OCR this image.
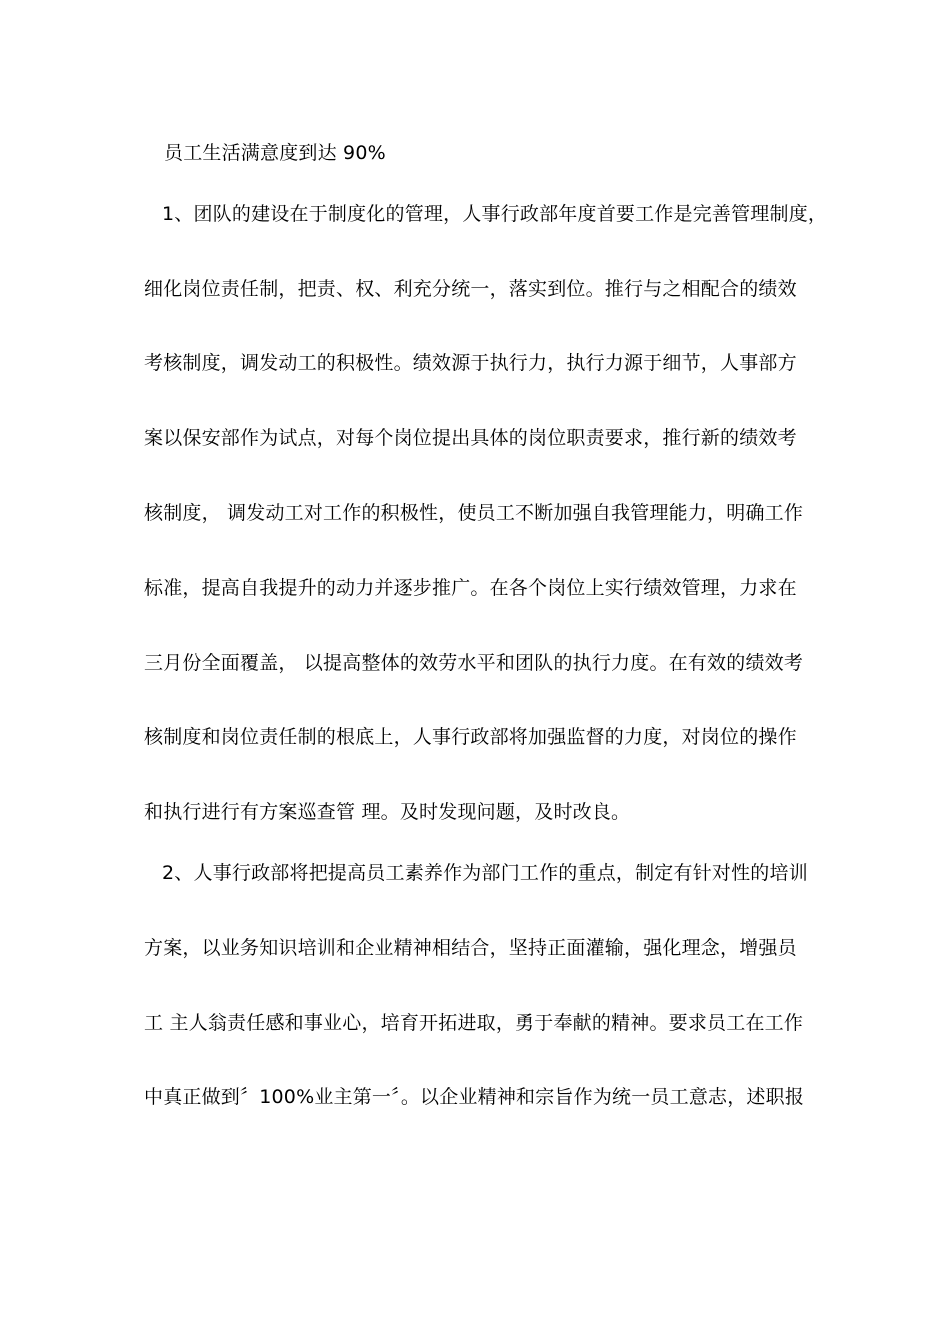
员工生活满意度到达 90%
1、团队的建设在于制度化的管理，人事行政部年度首要工作是完善管理制度，
细化岗位责任制，把责、权、利充分统一，落实到位。推行与之相配合的绩效
考核制度，调发动工的积极性。绩效源于执行力，执行力源于细节，人事部方
案以保安部作为试点，对每个岗位提出具体的岗位职责要求，推行新的绩效考
核制度， 调发动工对工作的积极性，使员工不断加强自我管理能力，明确工作
标准，提高自我提升的动力并逐步推广。在各个岗位上实行绩效管理，力求在
三月份全面覆盖， 以提高整体的效劳水平和团队的执行力度。在有效的绩效考
核制度和岗位责任制的根底上，人事行政部将加强监督的力度，对岗位的操作
和执行进行有方案巡查管 理。及时发现问题，及时改良。
2、人事行政部将把提高员工素养作为部门工作的重点，制定有针对性的培训
方案，以业务知识培训和企业精神相结合，坚持正面灌输，强化理念，增强员
工 主人翁责任感和事业心，培育开拓进取，勇于奉献的精神。要求员工在工作
中真正做到〞100%业主第一〞。以企业精神和宗旨作为统一员工意志，述职报
